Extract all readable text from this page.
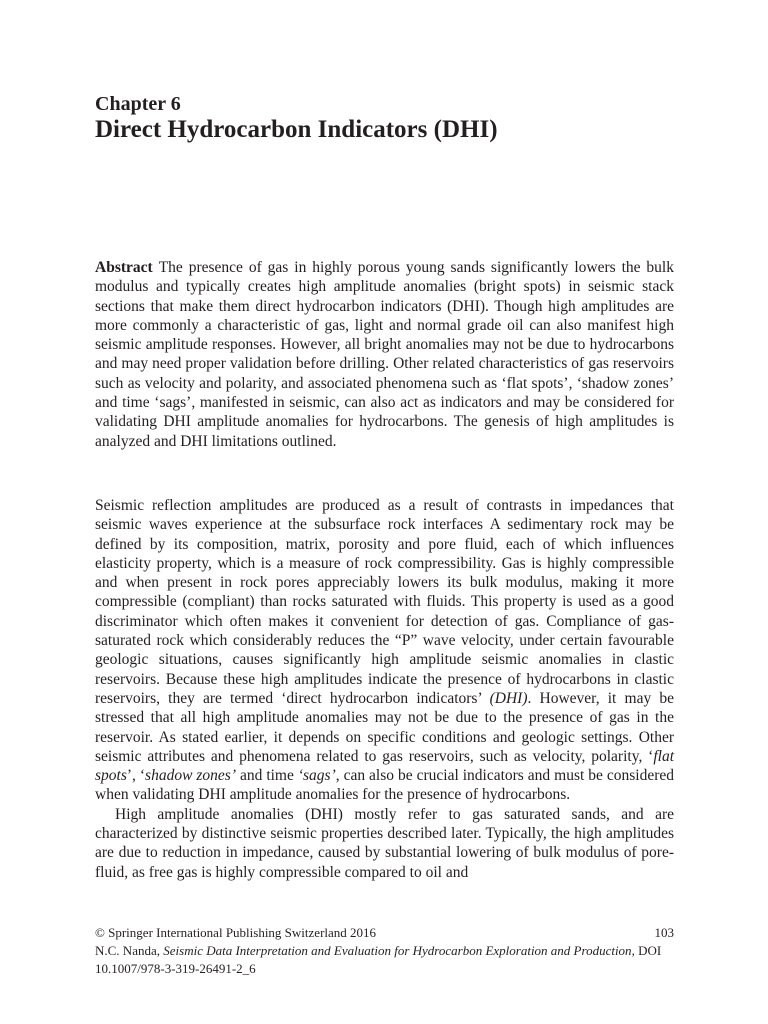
Chapter 6
Direct Hydrocarbon Indicators (DHI)

Abstract The presence of gas in highly porous young sands significantly lowers the bulk modulus and typically creates high amplitude anomalies (bright spots) in seismic stack sections that make them direct hydrocarbon indicators (DHI). Though high amplitudes are more commonly a characteristic of gas, light and normal grade oil can also manifest high seismic amplitude responses. However, all bright anomalies may not be due to hydrocarbons and may need proper validation before drilling. Other related characteristics of gas reservoirs such as velocity and polarity, and associated phenomena such as ‘flat spots’, ‘shadow zones’ and time ‘sags’, manifested in seismic, can also act as indicators and may be considered for validating DHI amplitude anomalies for hydrocarbons. The genesis of high amplitudes is analyzed and DHI limitations outlined.

Seismic reflection amplitudes are produced as a result of contrasts in impedances that seismic waves experience at the subsurface rock interfaces A sedimentary rock may be defined by its composition, matrix, porosity and pore fluid, each of which influences elasticity property, which is a measure of rock compressibility. Gas is highly compressible and when present in rock pores appreciably lowers its bulk modulus, making it more compressible (compliant) than rocks saturated with fluids. This property is used as a good discriminator which often makes it convenient for detection of gas. Compliance of gas-saturated rock which considerably reduces the “P” wave velocity, under certain favourable geologic situations, causes significantly high amplitude seismic anomalies in clastic reservoirs. Because these high amplitudes indicate the presence of hydrocarbons in clastic reservoirs, they are termed ‘direct hydrocarbon indicators’ (DHI). However, it may be stressed that all high amplitude anomalies may not be due to the presence of gas in the reservoir. As stated earlier, it depends on specific conditions and geologic settings. Other seismic attributes and phenomena related to gas reservoirs, such as velocity, polarity, ‘flat spots’, ‘shadow zones’ and time ‘sags’, can also be crucial indicators and must be considered when validating DHI amplitude anomalies for the presence of hydrocarbons.

High amplitude anomalies (DHI) mostly refer to gas saturated sands, and are characterized by distinctive seismic properties described later. Typically, the high amplitudes are due to reduction in impedance, caused by substantial lowering of bulk modulus of pore-fluid, as free gas is highly compressible compared to oil and

© Springer International Publishing Switzerland 2016	103
N.C. Nanda, Seismic Data Interpretation and Evaluation for Hydrocarbon Exploration and Production, DOI 10.1007/978-3-319-26491-2_6
